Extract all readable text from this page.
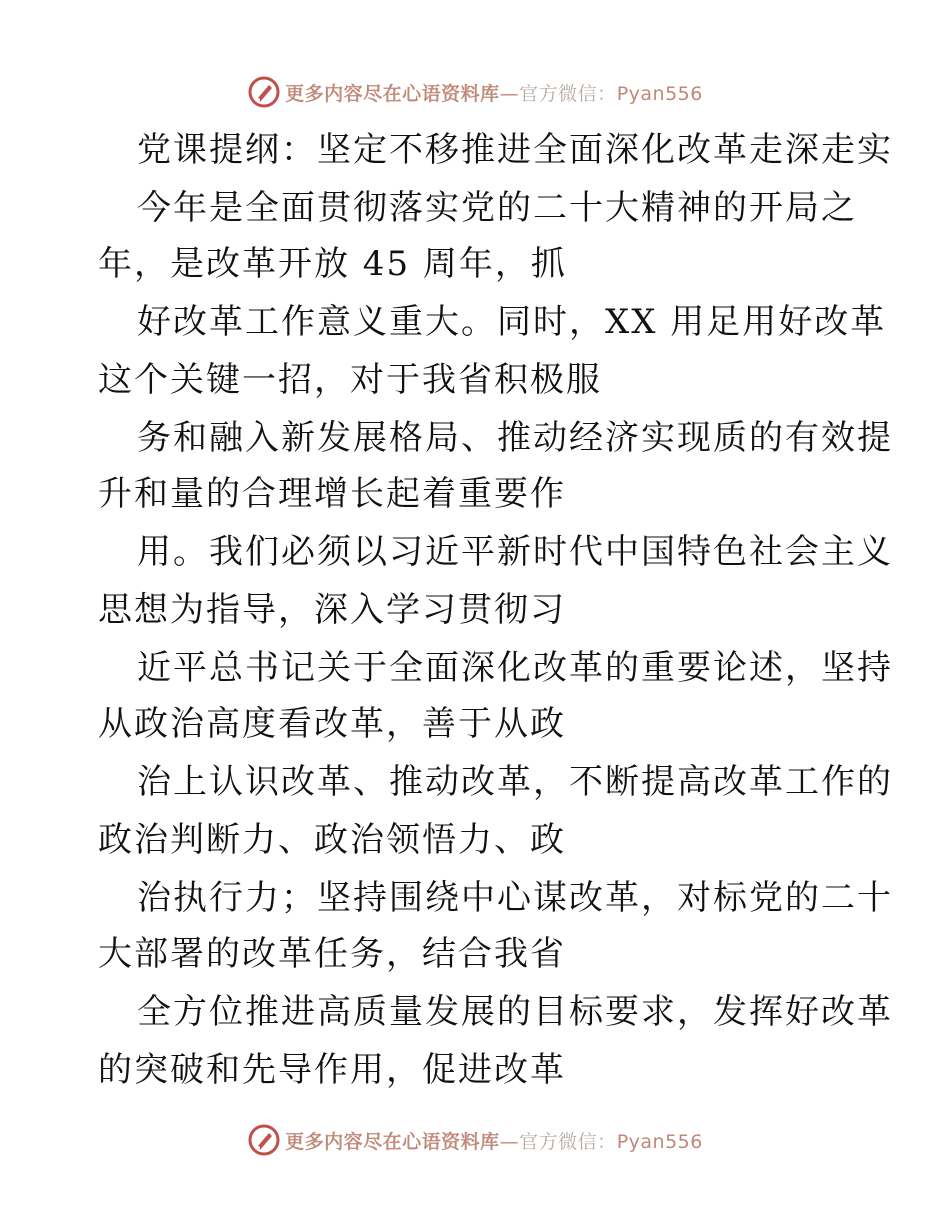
更多内容尽在心语资料库—官方微信：Pyan556
党课提纲：坚定不移推进全面深化改革走深走实
今年是全面贯彻落实党的二十大精神的开局之
年，是改革开放 45 周年，抓
好改革工作意义重大。同时，XX 用足用好改革
这个关键一招，对于我省积极服
务和融入新发展格局、推动经济实现质的有效提
升和量的合理增长起着重要作
用。我们必须以习近平新时代中国特色社会主义
思想为指导，深入学习贯彻习
近平总书记关于全面深化改革的重要论述，坚持
从政治高度看改革，善于从政
治上认识改革、推动改革，不断提高改革工作的
政治判断力、政治领悟力、政
治执行力；坚持围绕中心谋改革，对标党的二十
大部署的改革任务，结合我省
全方位推进高质量发展的目标要求，发挥好改革
的突破和先导作用，促进改革
更多内容尽在心语资料库—官方微信：Pyan556
